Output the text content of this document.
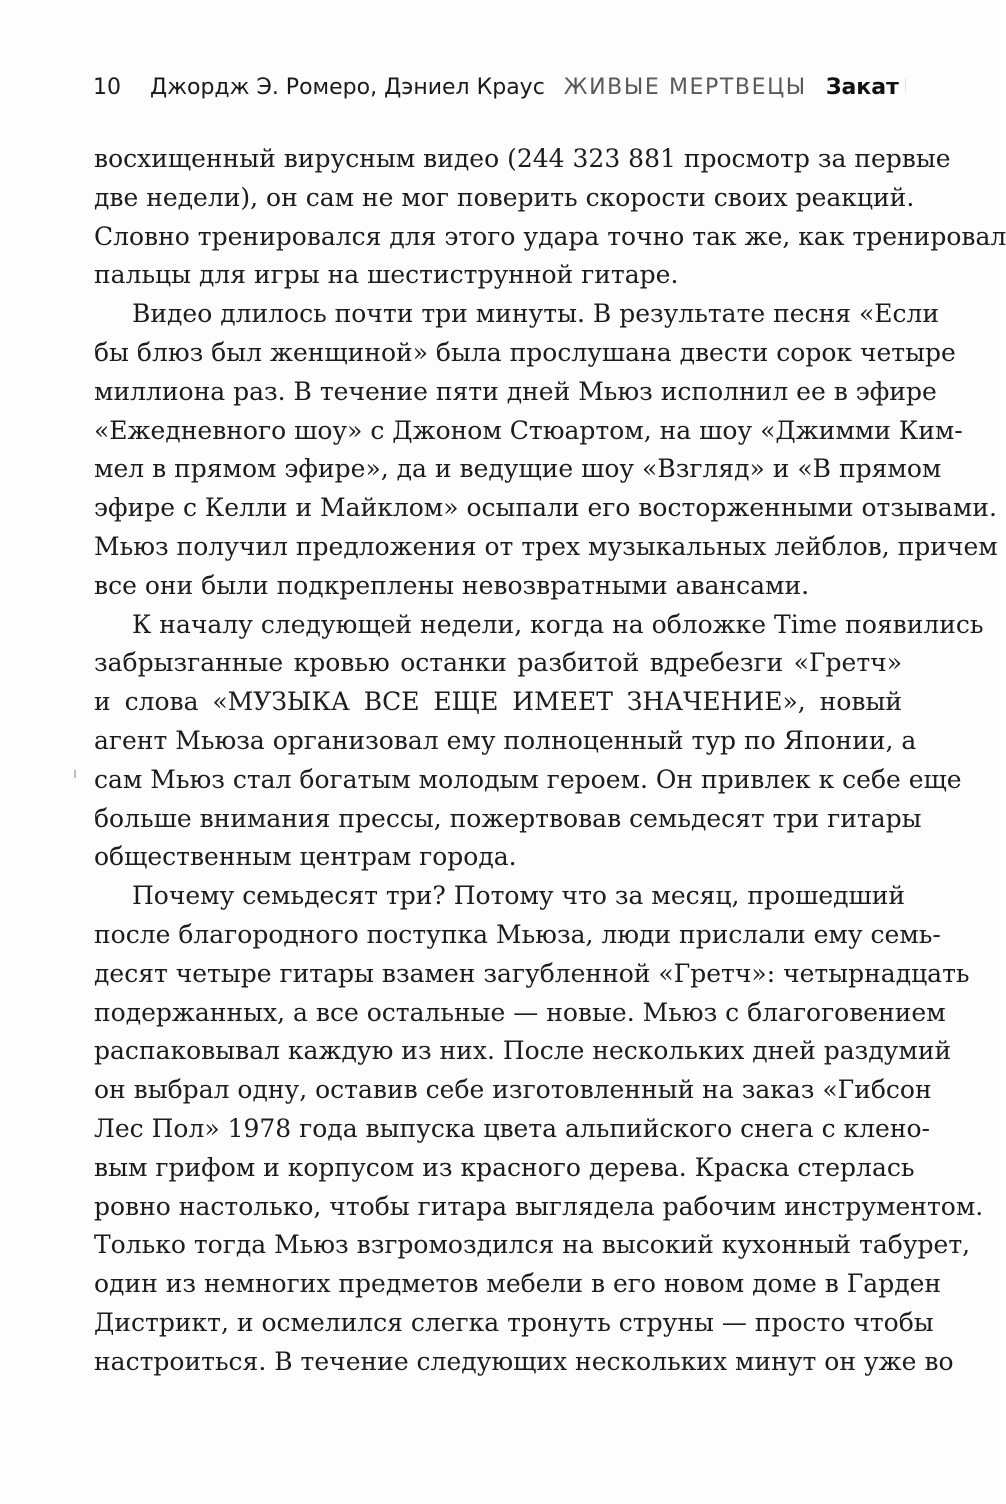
10 Джордж Э. Ромеро, Дэниел Краус ЖИВЫЕ МЕРТВЕЦЫ Закат
восхищенный вирусным видео (244 323 881 просмотр за первые
две недели), он сам не мог поверить скорости своих реакций.
Словно тренировался для этого удара точно так же, как тренировал
пальцы для игры на шестиструнной гитаре.
Видео длилось почти три минуты. В результате песня «Если
бы блюз был женщиной» была прослушана двести сорок четыре
миллиона раз. В течение пяти дней Мьюз исполнил ее в эфире
«Ежедневного шоу» с Джоном Стюартом, на шоу «Джимми Ким-
мел в прямом эфире», да и ведущие шоу «Взгляд» и «В прямом
эфире с Келли и Майклом» осыпали его восторженными отзывами.
Мьюз получил предложения от трех музыкальных лейблов, причем
все они были подкреплены невозвратными авансами.
К началу следующей недели, когда на обложке Time появились
забрызганные кровью останки разбитой вдребезги «Гретч»
и слова «МУЗЫКА ВСЕ ЕЩЕ ИМЕЕТ ЗНАЧЕНИЕ», новый
агент Мьюза организовал ему полноценный тур по Японии, а
сам Мьюз стал богатым молодым героем. Он привлек к себе еще
больше внимания прессы, пожертвовав семьдесят три гитары
общественным центрам города.
Почему семьдесят три? Потому что за месяц, прошедший
после благородного поступка Мьюза, люди прислали ему семь-
десят четыре гитары взамен загубленной «Гретч»: четырнадцать
подержанных, а все остальные — новые. Мьюз с благоговением
распаковывал каждую из них. После нескольких дней раздумий
он выбрал одну, оставив себе изготовленный на заказ «Гибсон
Лес Пол» 1978 года выпуска цвета альпийского снега с клено-
вым грифом и корпусом из красного дерева. Краска стерлась
ровно настолько, чтобы гитара выглядела рабочим инструментом.
Только тогда Мьюз взгромоздился на высокий кухонный табурет,
один из немногих предметов мебели в его новом доме в Гарден
Дистрикт, и осмелился слегка тронуть струны — просто чтобы
настроиться. В течение следующих нескольких минут он уже во
